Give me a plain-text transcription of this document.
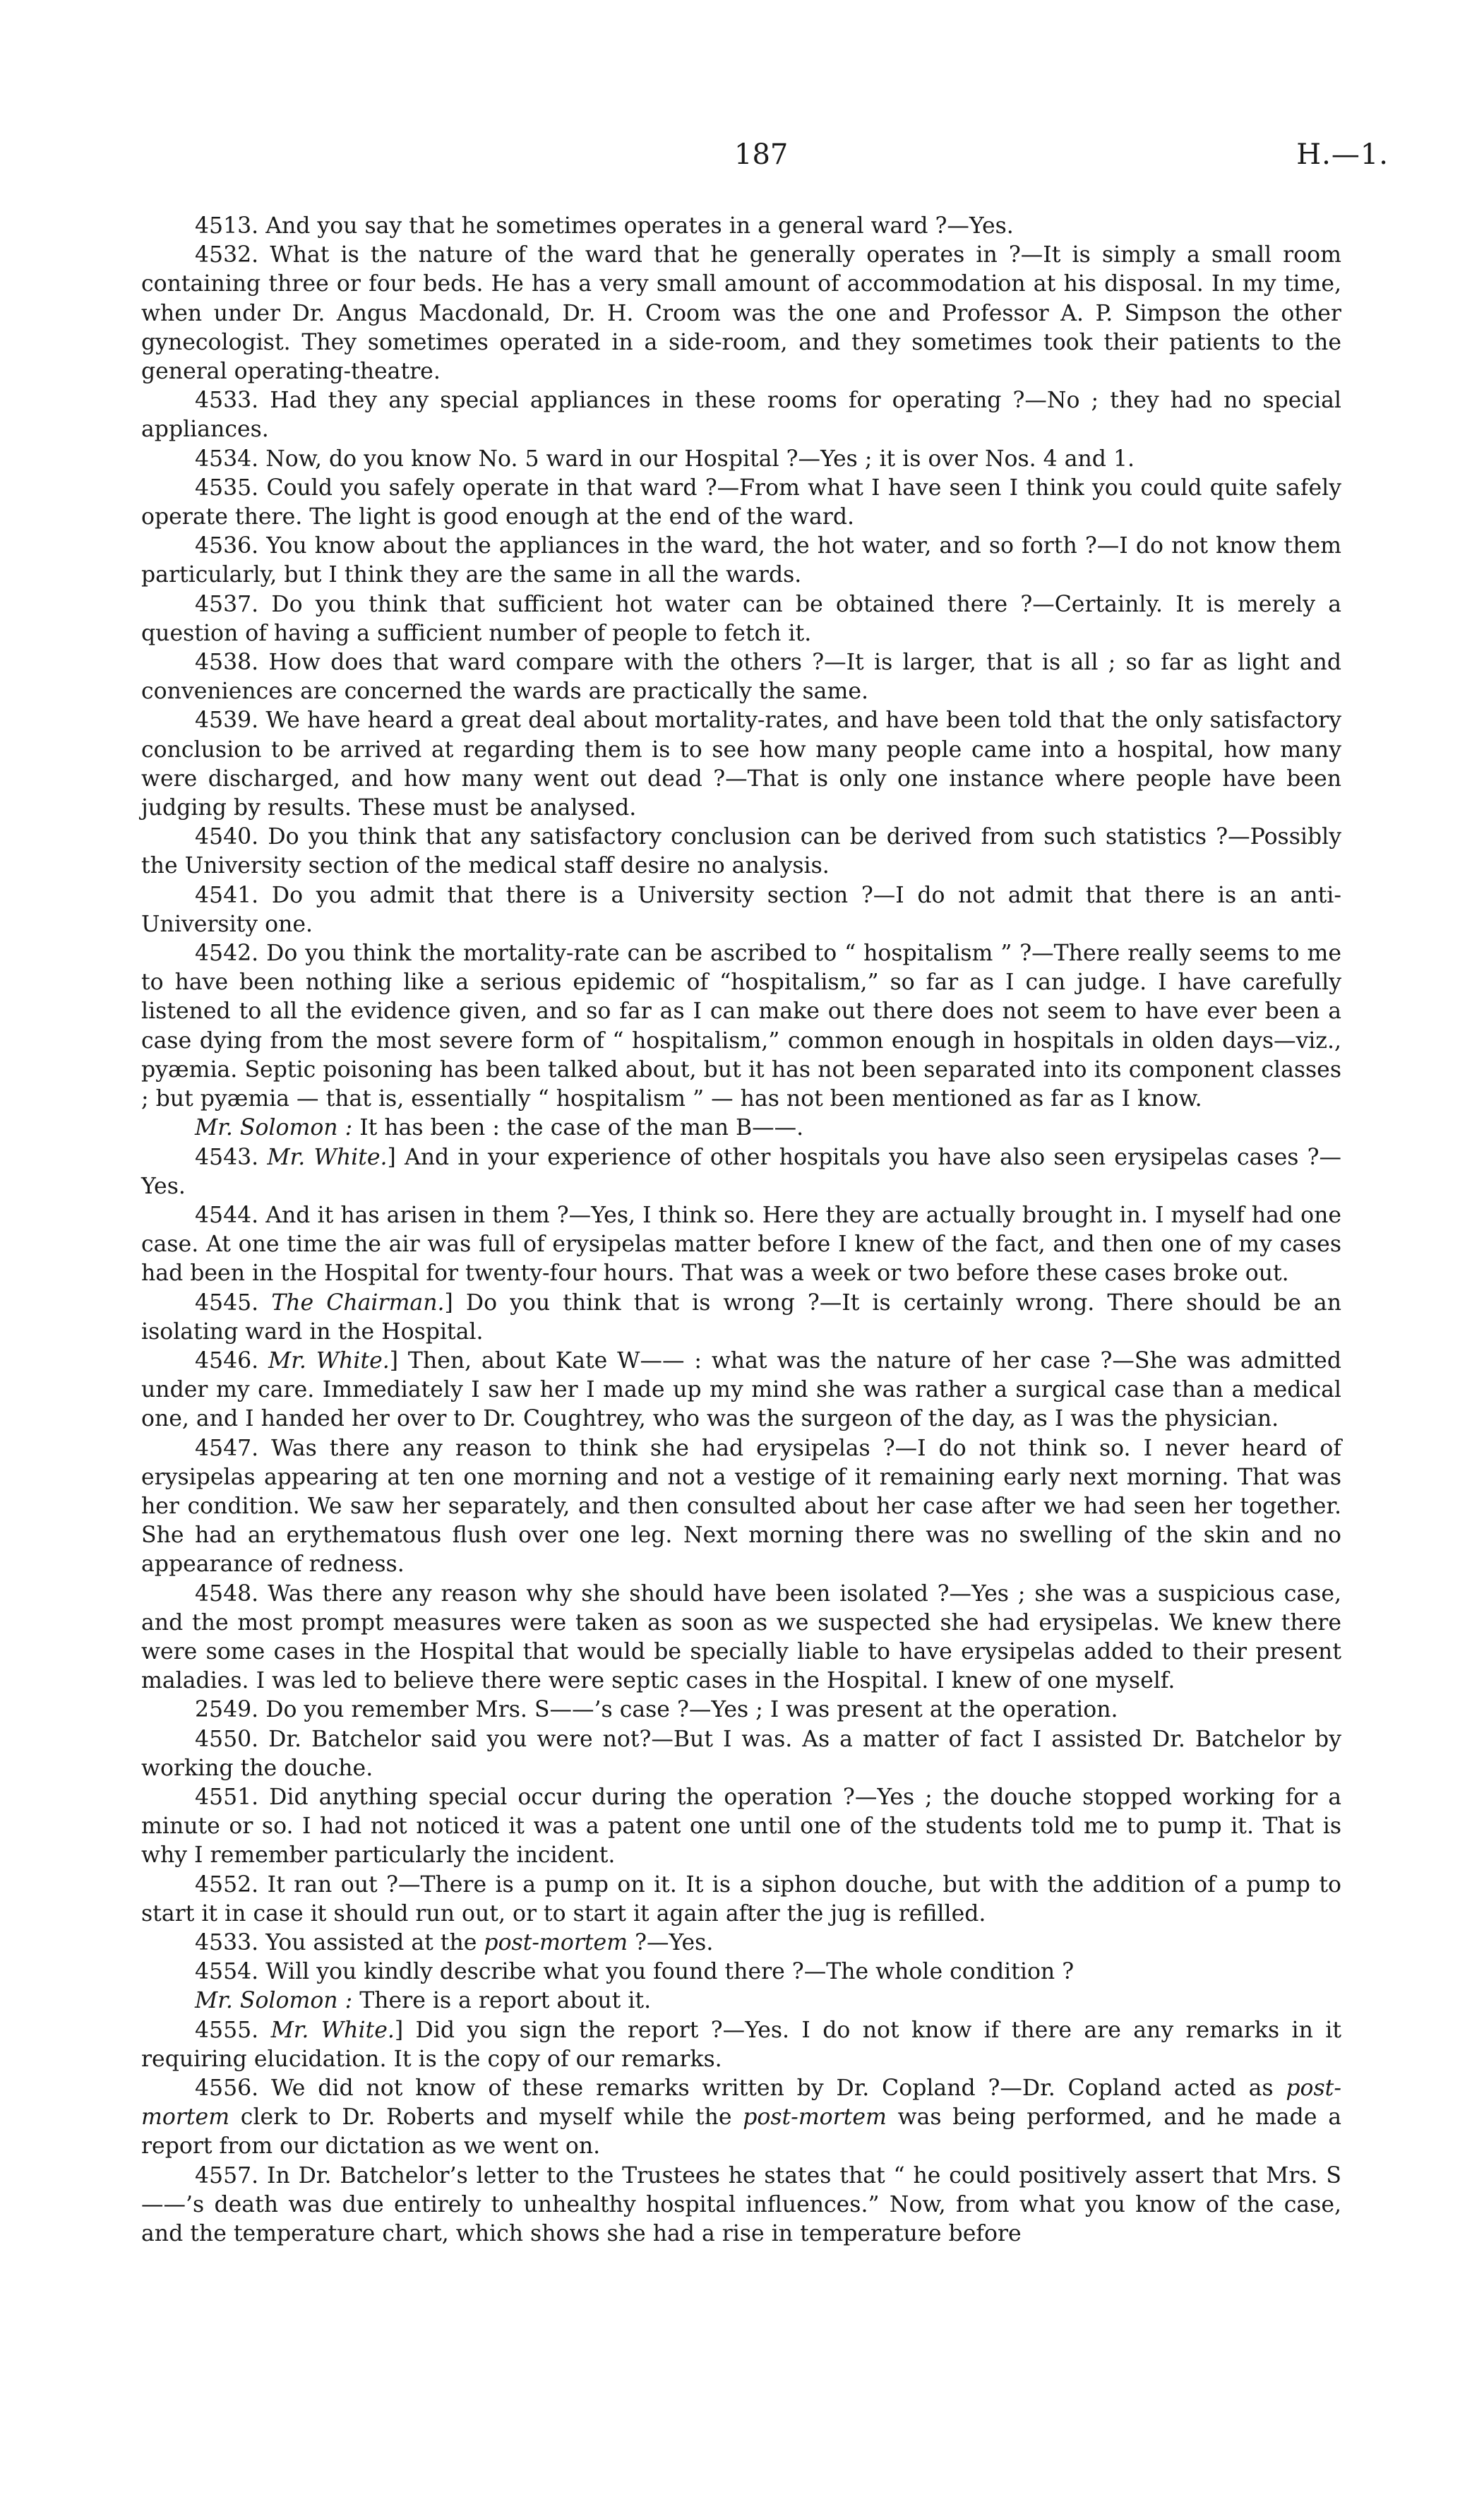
187	H.—1.

4513. And you say that he sometimes operates in a general ward ?—Yes.

4532. What is the nature of the ward that he generally operates in ?—It is simply a small room containing three or four beds. He has a very small amount of accommodation at his disposal. In my time, when under Dr. Angus Macdonald, Dr. H. Croom was the one and Professor A. P. Simpson the other gynecologist. They sometimes operated in a side-room, and they sometimes took their patients to the general operating-theatre.

4533. Had they any special appliances in these rooms for operating ?—No ; they had no special appliances.

4534. Now, do you know No. 5 ward in our Hospital ?—Yes ; it is over Nos. 4 and 1.

4535. Could you safely operate in that ward ?—From what I have seen I think you could quite safely operate there. The light is good enough at the end of the ward.

4536. You know about the appliances in the ward, the hot water, and so forth ?—I do not know them particularly, but I think they are the same in all the wards.

4537. Do you think that sufficient hot water can be obtained there ?—Certainly. It is merely a question of having a sufficient number of people to fetch it.

4538. How does that ward compare with the others ?—It is larger, that is all ; so far as light and conveniences are concerned the wards are practically the same.

4539. We have heard a great deal about mortality-rates, and have been told that the only satisfactory conclusion to be arrived at regarding them is to see how many people came into a hospital, how many were discharged, and how many went out dead ?—That is only one instance where people have been judging by results. These must be analysed.

4540. Do you think that any satisfactory conclusion can be derived from such statistics ?—Possibly the University section of the medical staff desire no analysis.

4541. Do you admit that there is a University section ?—I do not admit that there is an anti-University one.

4542. Do you think the mortality-rate can be ascribed to “ hospitalism ” ?—There really seems to me to have been nothing like a serious epidemic of “hospitalism,” so far as I can judge. I have carefully listened to all the evidence given, and so far as I can make out there does not seem to have ever been a case dying from the most severe form of “ hospitalism,” common enough in hospitals in olden days—viz., pyæmia. Septic poisoning has been talked about, but it has not been separated into its component classes ; but pyæmia — that is, essentially “ hospitalism ” — has not been mentioned as far as I know.

Mr. Solomon : It has been : the case of the man B——.

4543. Mr. White.] And in your experience of other hospitals you have also seen erysipelas cases ?—Yes.

4544. And it has arisen in them ?—Yes, I think so. Here they are actually brought in. I myself had one case. At one time the air was full of erysipelas matter before I knew of the fact, and then one of my cases had been in the Hospital for twenty-four hours. That was a week or two before these cases broke out.

4545. The Chairman.] Do you think that is wrong ?—It is certainly wrong. There should be an isolating ward in the Hospital.

4546. Mr. White.] Then, about Kate W—— : what was the nature of her case ?—She was admitted under my care. Immediately I saw her I made up my mind she was rather a surgical case than a medical one, and I handed her over to Dr. Coughtrey, who was the surgeon of the day, as I was the physician.

4547. Was there any reason to think she had erysipelas ?—I do not think so. I never heard of erysipelas appearing at ten one morning and not a vestige of it remaining early next morning. That was her condition. We saw her separately, and then consulted about her case after we had seen her together. She had an erythematous flush over one leg. Next morning there was no swelling of the skin and no appearance of redness.

4548. Was there any reason why she should have been isolated ?—Yes ; she was a suspicious case, and the most prompt measures were taken as soon as we suspected she had erysipelas. We knew there were some cases in the Hospital that would be specially liable to have erysipelas added to their present maladies. I was led to believe there were septic cases in the Hospital. I knew of one myself.

2549. Do you remember Mrs. S——’s case ?—Yes ; I was present at the operation.

4550. Dr. Batchelor said you were not?—But I was. As a matter of fact I assisted Dr. Batchelor by working the douche.

4551. Did anything special occur during the operation ?—Yes ; the douche stopped working for a minute or so. I had not noticed it was a patent one until one of the students told me to pump it. That is why I remember particularly the incident.

4552. It ran out ?—There is a pump on it. It is a siphon douche, but with the addition of a pump to start it in case it should run out, or to start it again after the jug is refilled.

4533. You assisted at the post-mortem ?—Yes.

4554. Will you kindly describe what you found there ?—The whole condition ?

Mr. Solomon : There is a report about it.

4555. Mr. White.] Did you sign the report ?—Yes. I do not know if there are any remarks in it requiring elucidation. It is the copy of our remarks.

4556. We did not know of these remarks written by Dr. Copland ?—Dr. Copland acted as post-mortem clerk to Dr. Roberts and myself while the post-mortem was being performed, and he made a report from our dictation as we went on.

4557. In Dr. Batchelor’s letter to the Trustees he states that “ he could positively assert that Mrs. S——’s death was due entirely to unhealthy hospital influences.” Now, from what you know of the case, and the temperature chart, which shows she had a rise in temperature before
